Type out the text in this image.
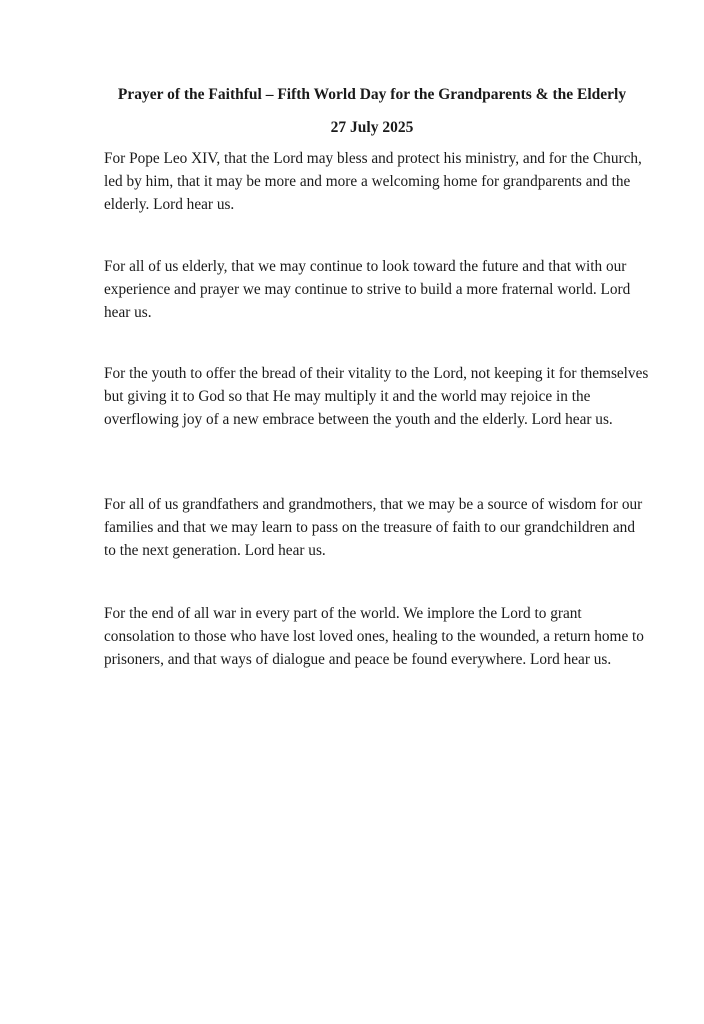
Prayer of the Faithful – Fifth World Day for the Grandparents & the Elderly
27 July 2025

For Pope Leo XIV, that the Lord may bless and protect his ministry, and for the Church, led by him, that it may be more and more a welcoming home for grandparents and the elderly. Lord hear us.

For all of us elderly, that we may continue to look toward the future and that with our experience and prayer we may continue to strive to build a more fraternal world. Lord hear us.

For the youth to offer the bread of their vitality to the Lord, not keeping it for themselves but giving it to God so that He may multiply it and the world may rejoice in the overflowing joy of a new embrace between the youth and the elderly. Lord hear us.

For all of us grandfathers and grandmothers, that we may be a source of wisdom for our families and that we may learn to pass on the treasure of faith to our grandchildren and to the next generation. Lord hear us.

For the end of all war in every part of the world. We implore the Lord to grant consolation to those who have lost loved ones, healing to the wounded, a return home to prisoners, and that ways of dialogue and peace be found everywhere. Lord hear us.
